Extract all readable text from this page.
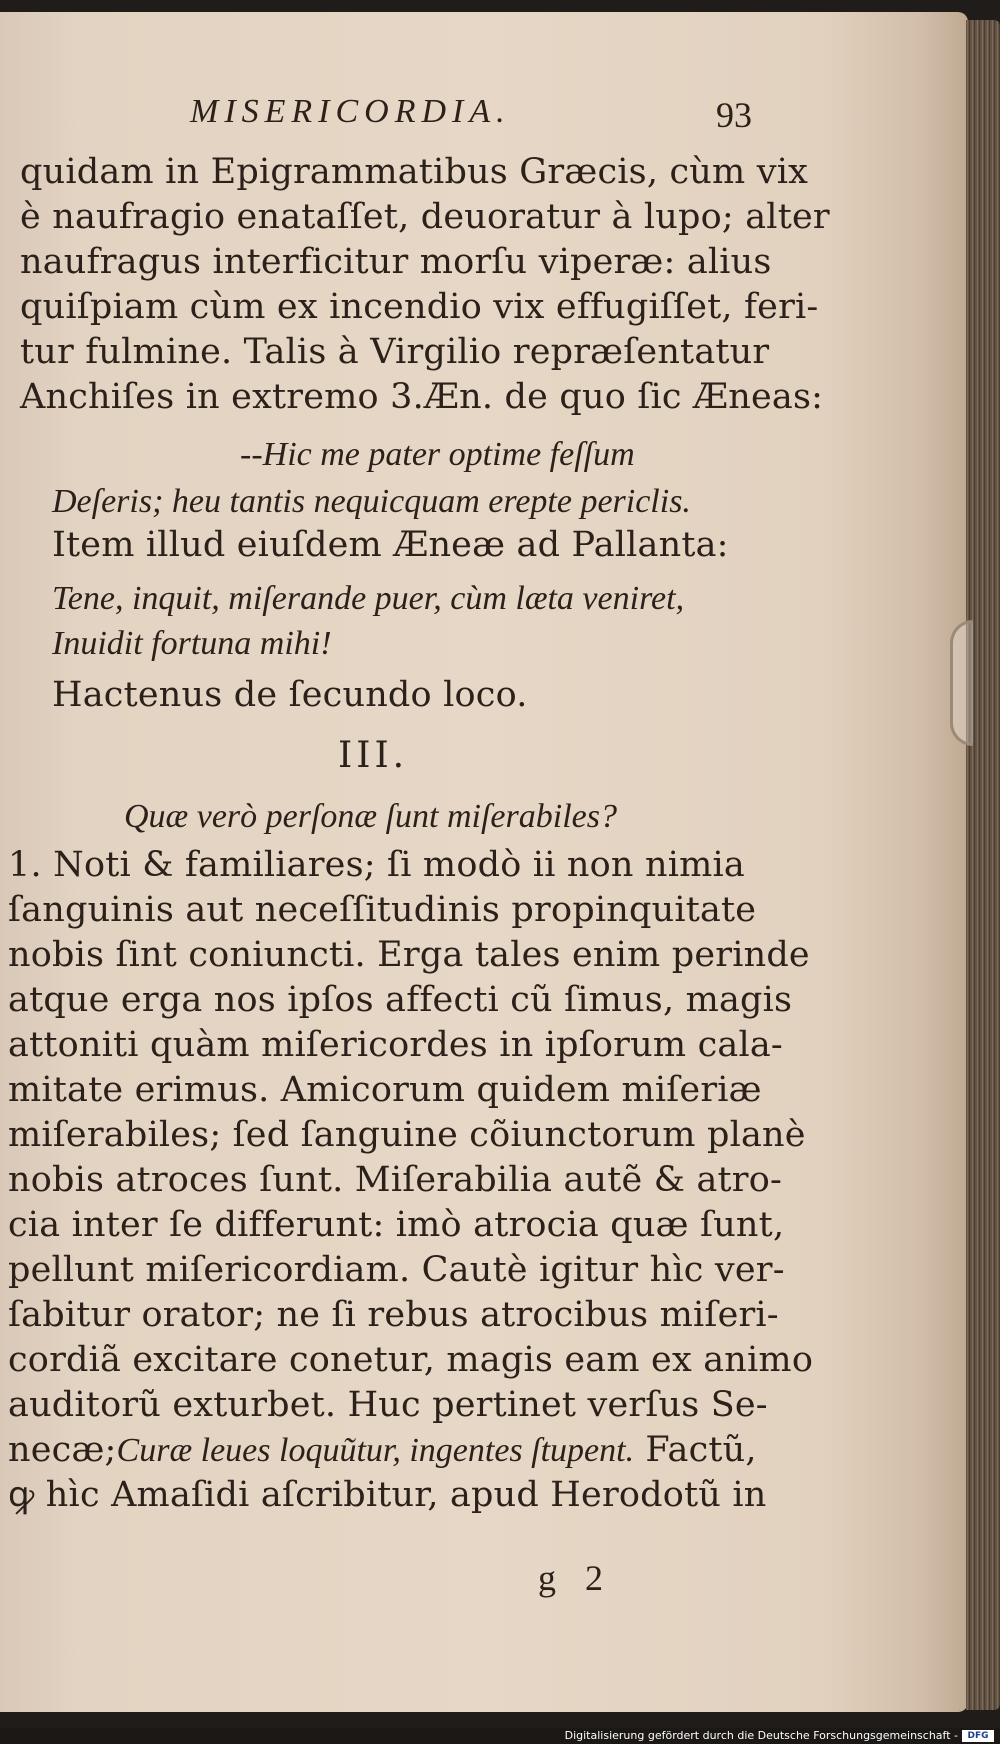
MISERICORDIA.	93
quidam in Epigrammatibus Græcis, cùm vix
è naufragio enataſſet, deuoratur à lupo; alter
naufragus interficitur morſu viperæ: alius
quiſpiam cùm ex incendio vix effugiſſet, feri-
tur fulmine. Talis à Virgilio repræſentatur
Anchiſes in extremo 3.Æn. de quo ſic Æneas:
--Hic me pater optime feſſum
Deſeris; heu tantis nequicquam erepte periclis.
Item illud eiuſdem Æneæ ad Pallanta:
Tene, inquit, miſerande puer, cùm læta veniret,
Inuidit fortuna mihi!
Hactenus de ſecundo loco.
III.
Quæ verò perſonæ ſunt miſerabiles?
1. Noti & familiares; ſi modò ii non nimia
ſanguinis aut neceſſitudinis propinquitate
nobis ſint coniuncti. Erga tales enim perinde
atque erga nos ipſos affecti cũ ſimus, magis
attoniti quàm miſericordes in ipſorum cala-
mitate erimus. Amicorum quidem miſeriæ
miſerabiles; ſed ſanguine cõiunctorum planè
nobis atroces ſunt. Miſerabilia autẽ & atro-
cia inter ſe differunt: imò atrocia quæ ſunt,
pellunt miſericordiam. Cautè igitur hìc ver-
ſabitur orator; ne ſi rebus atrocibus miſeri-
cordiã excitare conetur, magis eam ex animo
auditorũ exturbet. Huc pertinet verſus Se-
necæ;Curæ leues loquũtur, ingentes ſtupent. Factũ,
ꝙ hìc Amaſidi aſcribitur, apud Herodotũ in
g 2
Digitalisierung gefördert durch die Deutsche Forschungsgemeinschaft -	DFG
